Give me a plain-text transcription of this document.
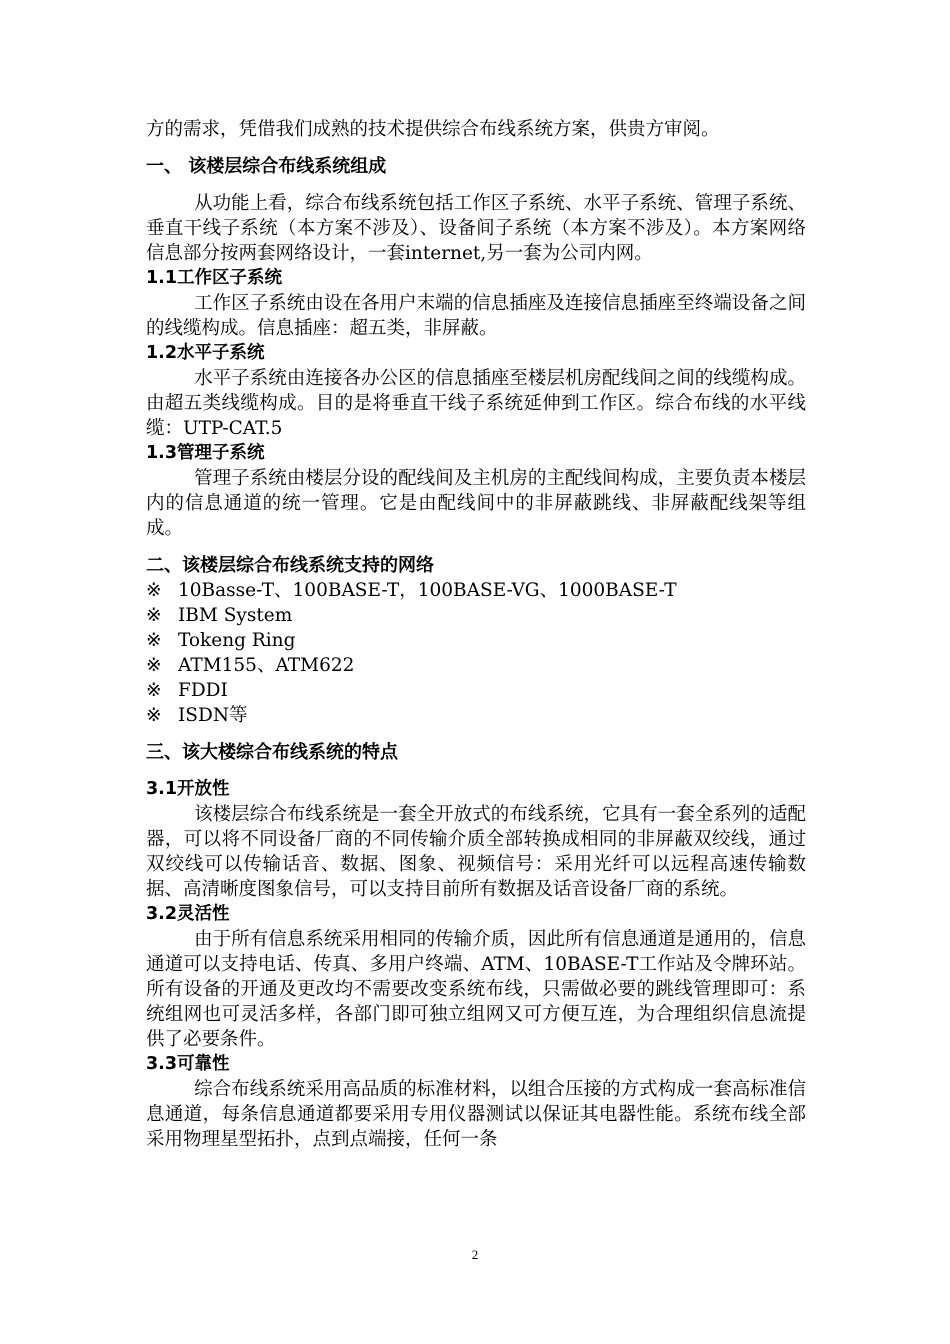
方的需求，凭借我们成熟的技术提供综合布线系统方案，供贵方审阅。

一、 该楼层综合布线系统组成

从功能上看，综合布线系统包括工作区子系统、水平子系统、管理子系统、垂直干线子系统（本方案不涉及）、设备间子系统（本方案不涉及）。本方案网络信息部分按两套网络设计，一套internet,另一套为公司内网。

1.1工作区子系统

工作区子系统由设在各用户末端的信息插座及连接信息插座至终端设备之间的线缆构成。信息插座：超五类，非屏蔽。

1.2水平子系统

水平子系统由连接各办公区的信息插座至楼层机房配线间之间的线缆构成。由超五类线缆构成。目的是将垂直干线子系统延伸到工作区。综合布线的水平线缆：UTP-CAT.5

1.3管理子系统

管理子系统由楼层分设的配线间及主机房的主配线间构成，主要负责本楼层内的信息通道的统一管理。它是由配线间中的非屏蔽跳线、非屏蔽配线架等组成。

二、该楼层综合布线系统支持的网络

※ 10Basse-T、100BASE-T，100BASE-VG、1000BASE-T
※ IBM System
※ Tokeng Ring
※ ATM155、ATM622
※ FDDI
※ ISDN等

三、该大楼综合布线系统的特点

3.1开放性

该楼层综合布线系统是一套全开放式的布线系统，它具有一套全系列的适配器，可以将不同设备厂商的不同传输介质全部转换成相同的非屏蔽双绞线，通过双绞线可以传输话音、数据、图象、视频信号：采用光纤可以远程高速传输数据、高清晰度图象信号，可以支持目前所有数据及话音设备厂商的系统。

3.2灵活性

由于所有信息系统采用相同的传输介质，因此所有信息通道是通用的，信息通道可以支持电话、传真、多用户终端、ATM、10BASE-T工作站及令牌环站。所有设备的开通及更改均不需要改变系统布线，只需做必要的跳线管理即可：系统组网也可灵活多样，各部门即可独立组网又可方便互连，为合理组织信息流提供了必要条件。

3.3可靠性

综合布线系统采用高品质的标准材料，以组合压接的方式构成一套高标准信息通道，每条信息通道都要采用专用仪器测试以保证其电器性能。系统布线全部采用物理星型拓扑，点到点端接，任何一条

2
